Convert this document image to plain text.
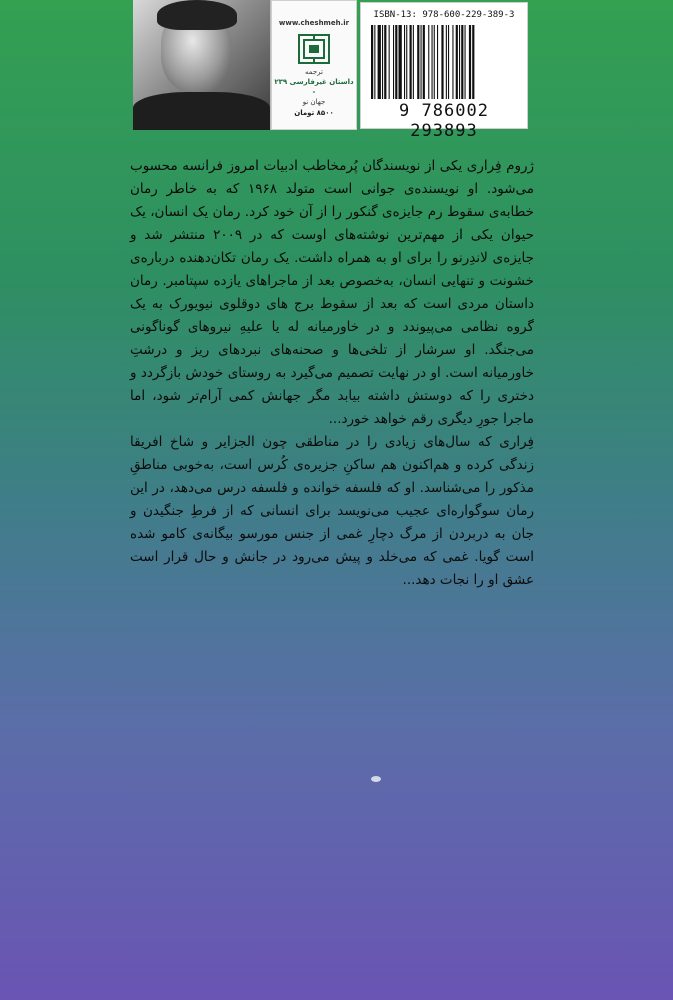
www.cheshmeh.ir
ترجمه
داستان غیرفارسی ۲۳۹ -
جهان نو
۸۵۰۰ تومان
ISBN-13: 978-600-229-389-3
9 786002 293893

ژروم فِراری یکی از نویسندگان پُرمخاطب ادبیات امروز فرانسه محسوب می‌شود. او نویسنده‌ی جوانی است متولد ۱۹۶۸ که به خاطر رمان خطابه‌ی سقوط رم جایزه‌ی گنکور را از آن خود کرد. رمان یک انسان، یک حیوان یکی از مهم‌ترین نوشته‌های اوست که در ۲۰۰۹ منتشر شد و جایزه‌ی لاندِرنو را برای او به همراه داشت. یک رمان تکان‌دهنده درباره‌ی خشونت و تنهایی انسان، به‌خصوص بعد از ماجراهای یازده سپتامبر. رمان داستان مردی است که بعد از سقوط برج های دوقلوی نیویورک به یک گروه نظامی می‌پیوندد و در خاورمیانه له یا علیهِ نیروهای گوناگونی می‌جنگد. او سرشار از تلخی‌ها و صحنه‌های نبردهای ریز و درشتِ خاورمیانه است. او در نهایت تصمیم می‌گیرد به روستای خودش بازگردد و دختری را که دوستش داشته بیابد مگر جهانش کمی آرام‌تر شود، اما ماجرا جورِ دیگری رقم خواهد خورد...

فِراری که سال‌های زیادی را در مناطقی چون الجزایر و شاخ افریقا زندگی کرده و هم‌اکنون هم ساکنِ جزیره‌ی کُرس است، به‌خوبی مناطقِ مذکور را می‌شناسد. او که فلسفه خوانده و فلسفه درس می‌دهد، در این رمان سوگواره‌ای عجیب می‌نویسد برای انسانی که از فرطِ جنگیدن و جان به دربردن از مرگ دچارِ غمی از جنس مورسو بیگانه‌ی کامو شده است گویا. غمی که می‌خلد و پیش می‌رود در جانش و حال قرار است عشق او را نجات دهد...
